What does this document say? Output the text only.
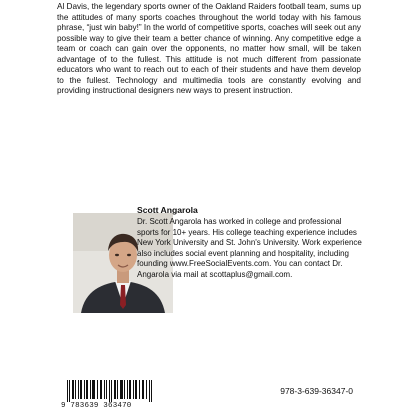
Al Davis, the legendary sports owner of the Oakland Raiders football team, sums up the attitudes of many sports coaches throughout the world today with his famous phrase, “just win baby!” In the world of competitive sports, coaches will seek out any possible way to give their team a better chance of winning. Any competitive edge a team or coach can gain over the opponents, no matter how small, will be taken advantage of to the fullest. This attitude is not much different from passionate educators who want to reach out to each of their students and have them develop to the fullest. Technology and multimedia tools are constantly evolving and providing instructional designers new ways to present instruction.

Scott Angarola

Dr. Scott Angarola has worked in college and professional sports for 10+ years. His college teaching experience includes New York University and St. John's University. Work experience also includes social event planning and hospitality, including founding www.FreeSocialEvents.com. You can contact Dr. Angarola via mail at scottaplus@gmail.com.

9 783639 363470
978-3-639-36347-0
